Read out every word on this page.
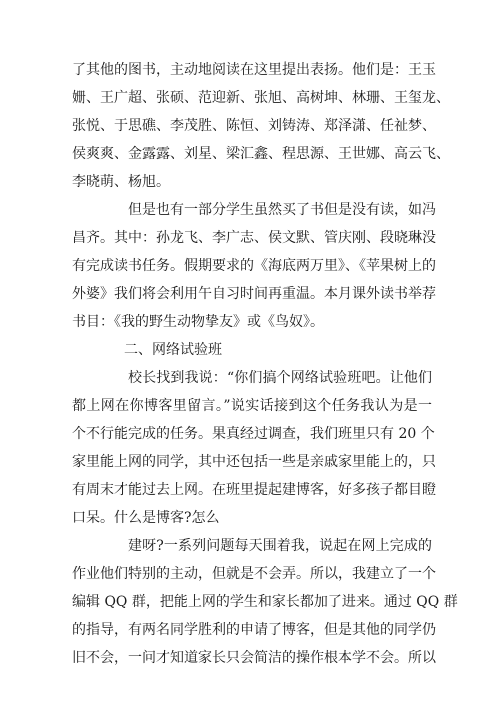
了其他的图书，主动地阅读在这里提出表扬。他们是：王玉
姗、王广超、张硕、范迎新、张旭、高树坤、林珊、王玺龙、
张悦、于思礁、李茂胜、陈恒、刘铸涛、郑泽潇、任祉梦、
侯爽爽、金露露、刘星、梁汇鑫、程思源、王世娜、高云飞、
李晓萌、杨旭。
但是也有一部分学生虽然买了书但是没有读，如冯
昌齐。其中：孙龙飞、李广志、侯文默、管庆刚、段晓琳没
有完成读书任务。假期要求的《海底两万里》、《苹果树上的
外婆》我们将会利用午自习时间再重温。本月课外读书举荐
书目：《我的野生动物挚友》或《鸟奴》。
二、网络试验班
校长找到我说：“你们搞个网络试验班吧。让他们
都上网在你博客里留言。”说实话接到这个任务我认为是一
个不行能完成的任务。果真经过调查，我们班里只有 20 个
家里能上网的同学，其中还包括一些是亲戚家里能上的，只
有周末才能过去上网。在班里提起建博客，好多孩子都目瞪
口呆。什么是博客?怎么
建呀?一系列问题每天围着我，说起在网上完成的
作业他们特别的主动，但就是不会弄。所以，我建立了一个
编辑 QQ 群，把能上网的学生和家长都加了进来。通过 QQ 群
的指导，有两名同学胜利的申请了博客，但是其他的同学仍
旧不会，一问才知道家长只会简洁的操作根本学不会。所以
